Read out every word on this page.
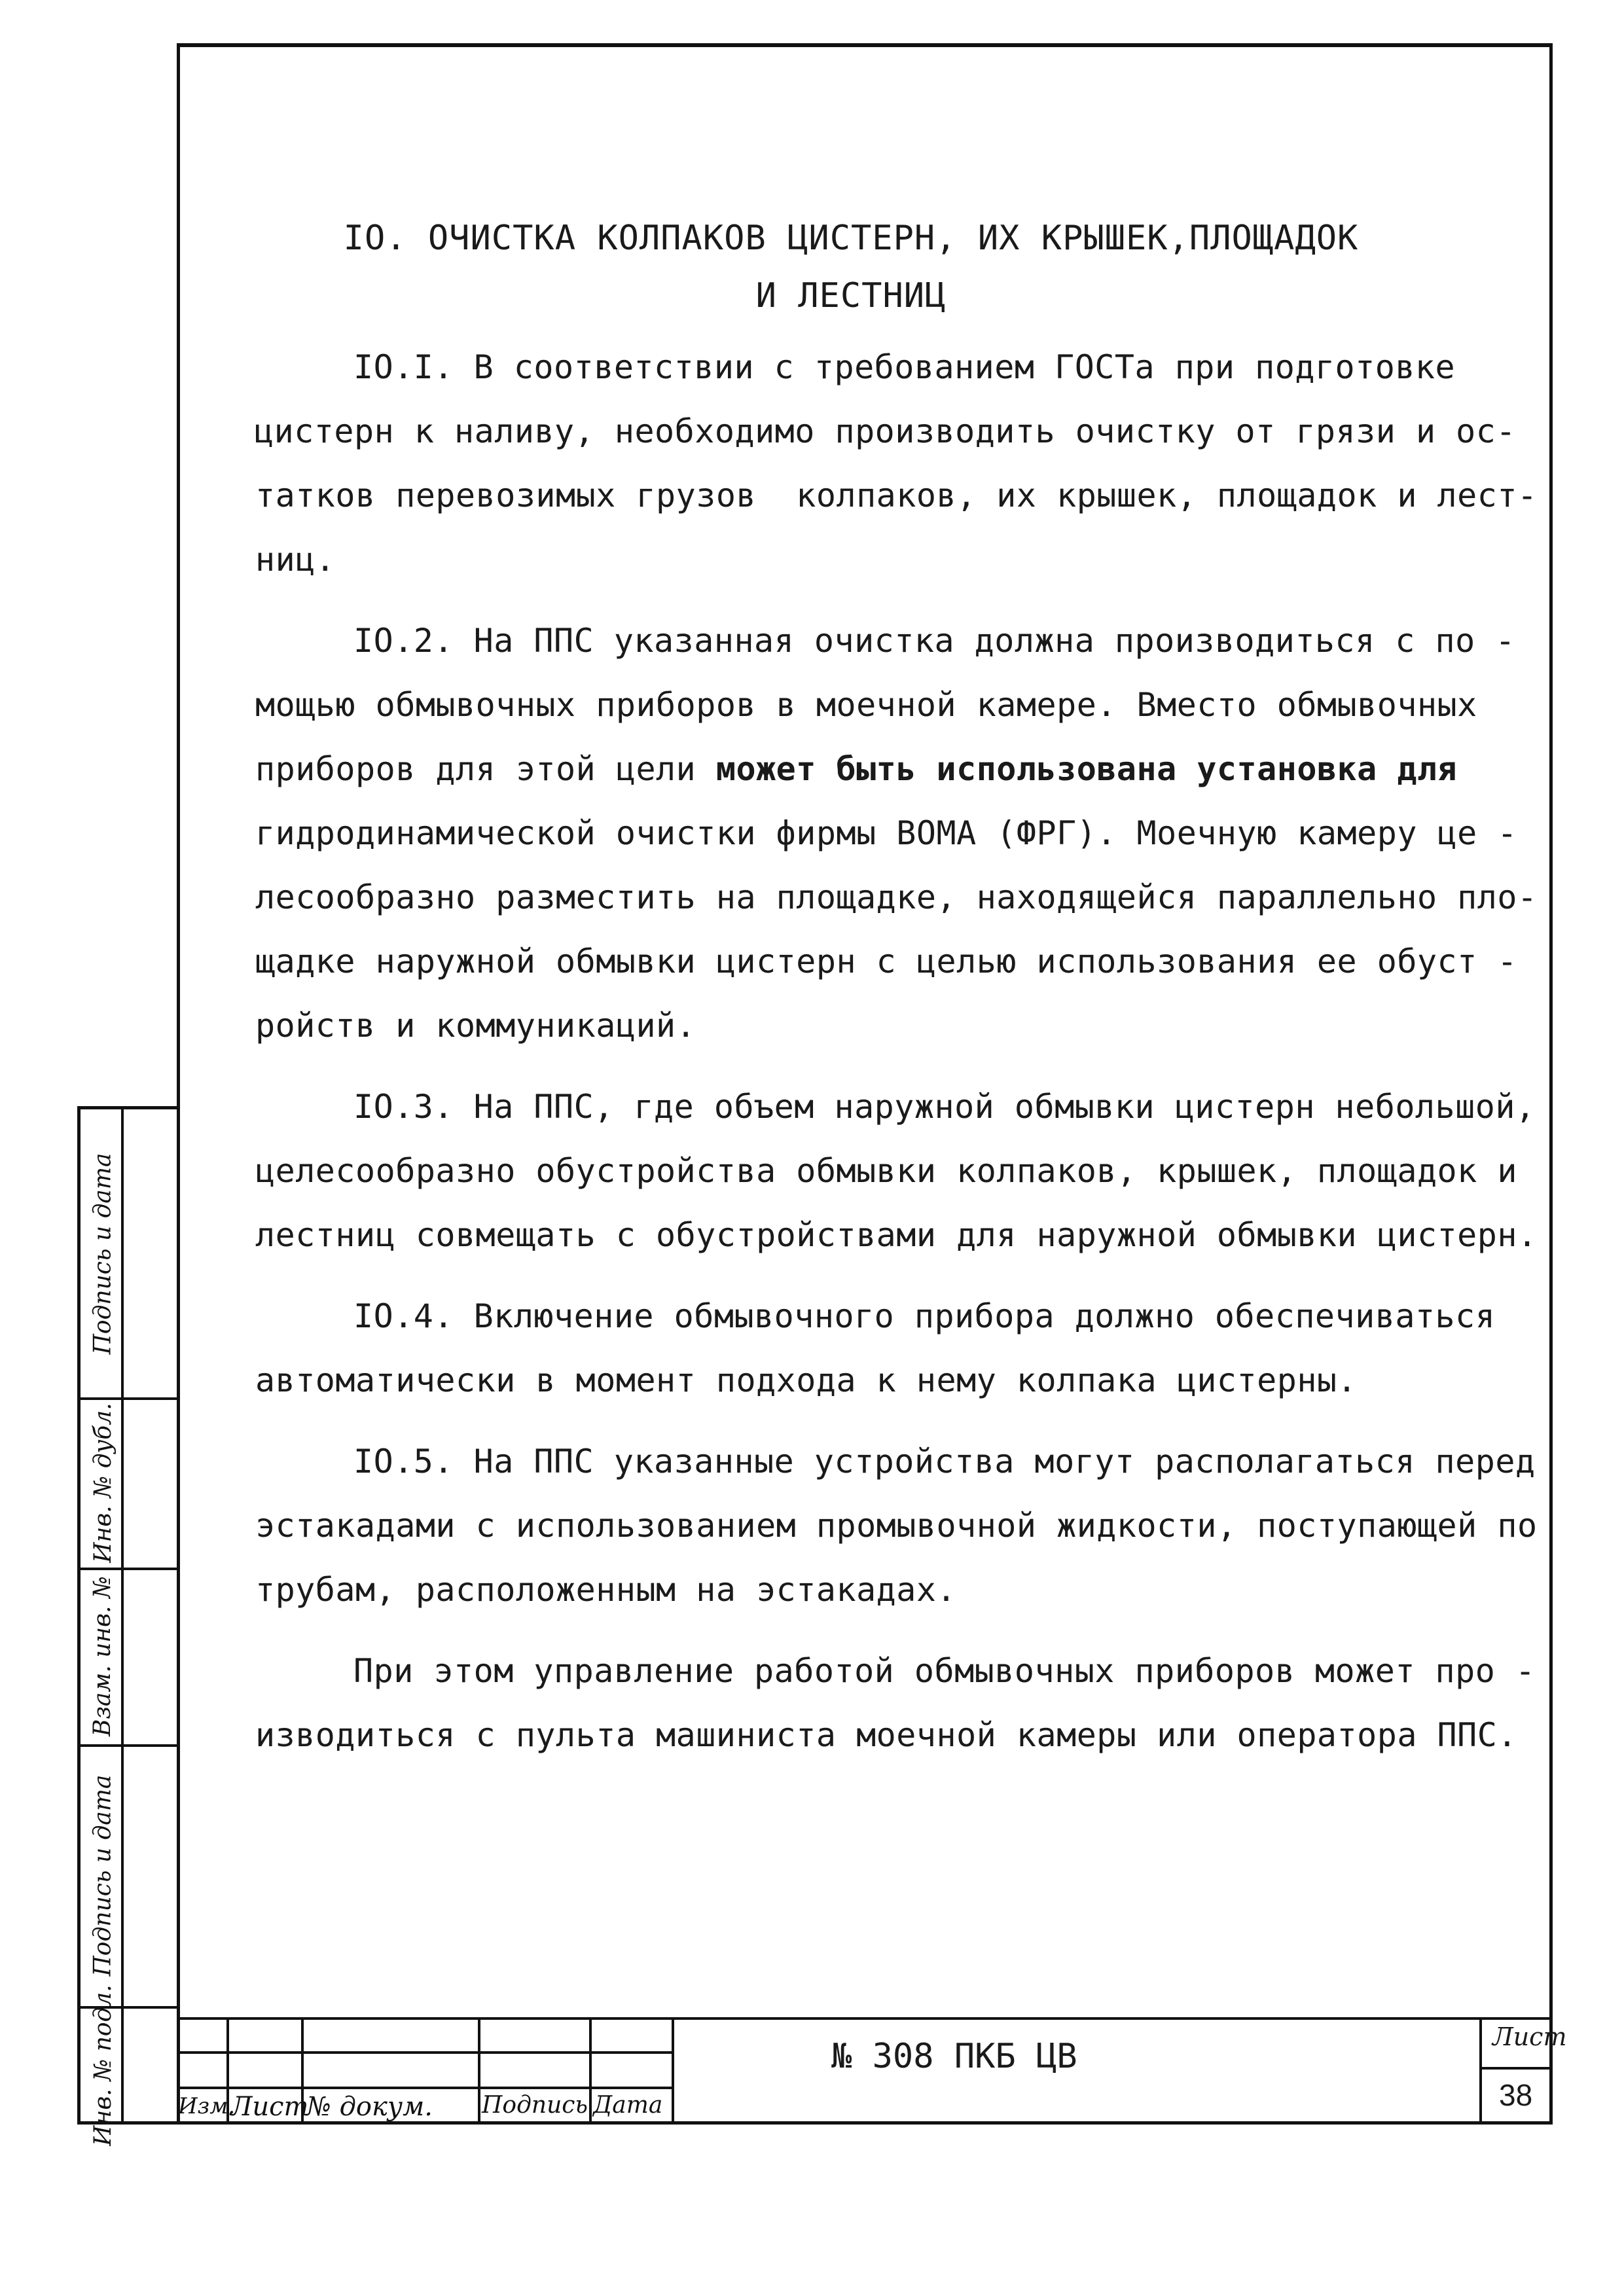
IO. ОЧИСТКА КОЛПАКОВ ЦИСТЕРН, ИХ КРЫШЕК,ПЛОЩАДОК
И ЛЕСТНИЦ
IO.I. В соответствии с требованием ГОСТа при подготовке
цистерн к наливу, необходимо производить очистку от грязи и ос-
татков перевозимых грузов  колпаков, их крышек, площадок и лест-
ниц.
IO.2. На ППС указанная очистка должна производиться с по -
мощью обмывочных приборов в моечной камере. Вместо обмывочных
приборов для этой цели может быть использована установка для
гидродинамической очистки фирмы BOMA (ФРГ). Моечную камеру це -
лесообразно разместить на площадке, находящейся параллельно пло-
щадке наружной обмывки цистерн с целью использования ее обуст -
ройств и коммуникаций.
IO.3. На ППС, где объем наружной обмывки цистерн небольшой,
целесообразно обустройства обмывки колпаков, крышек, площадок и
лестниц совмещать с обустройствами для наружной обмывки цистерн.
IO.4. Включение обмывочного прибора должно обеспечиваться
автоматически в момент подхода к нему колпака цистерны.
IO.5. На ППС указанные устройства могут располагаться перед
эстакадами с использованием промывочной жидкости, поступающей по
трубам, расположенным на эстакадах.
При этом управление работой обмывочных приборов может про -
изводиться с пульта машиниста моечной камеры или оператора ППС.
Подпись и дата
Инв. № дубл.
Взам. инв. №
Подпись и дата
Инв. № подл.	Изм.
Лист
№ докум. Подпись Дата
№ 308 ПКБ ЦВ	Лист
38
